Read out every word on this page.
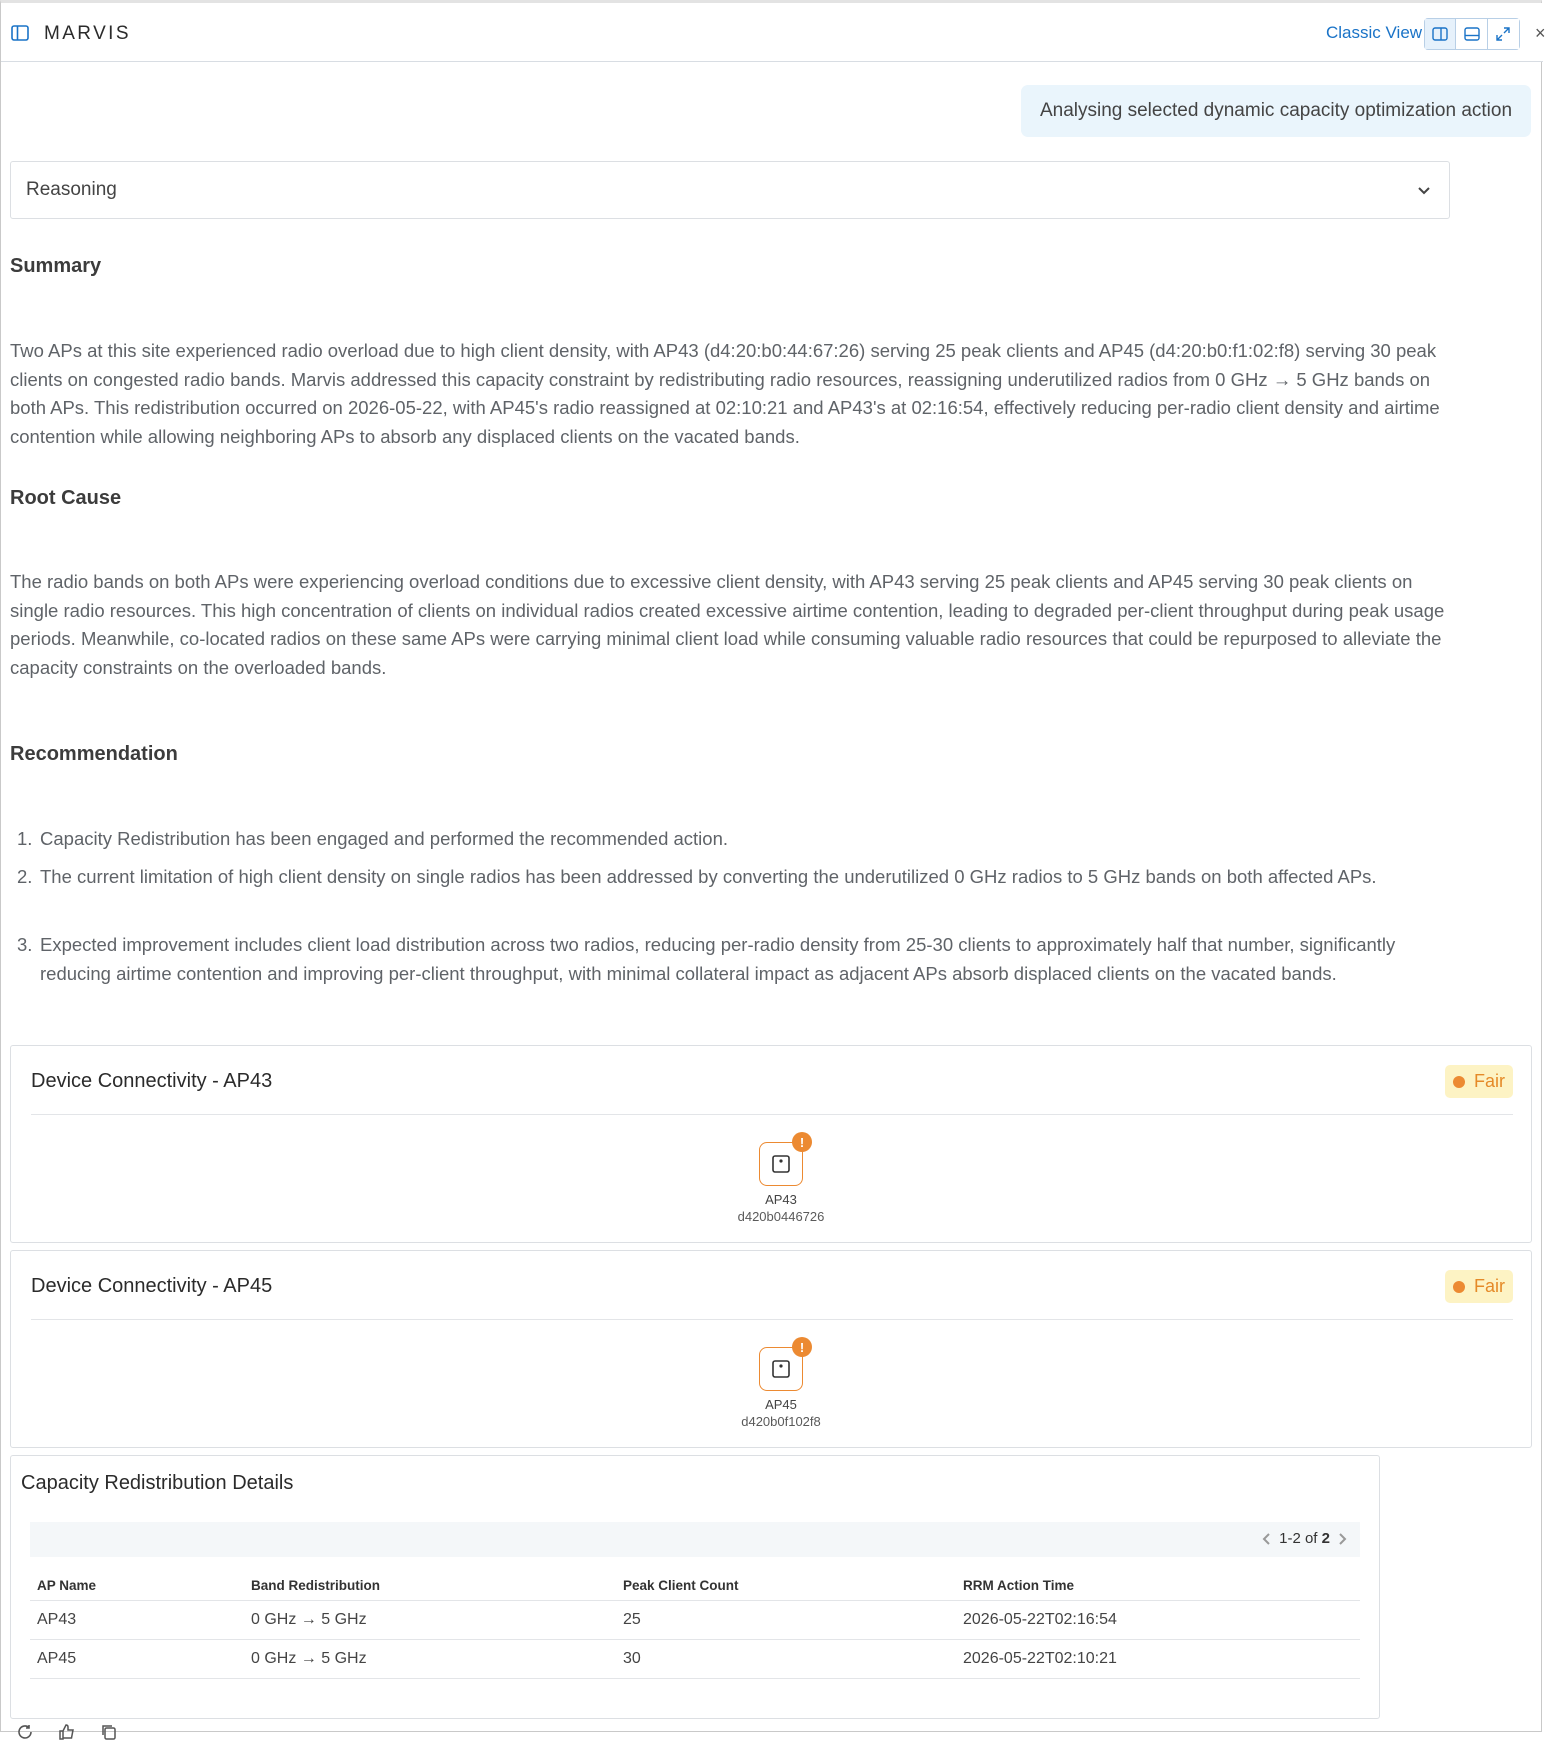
MARVIS	Classic View	×
Analysing selected dynamic capacity optimization action
Reasoning
Summary
Two APs at this site experienced radio overload due to high client density, with AP43 (d4:20:b0:44:67:26) serving 25 peak clients and AP45 (d4:20:b0:f1:02:f8) serving 30 peak clients on congested radio bands. Marvis addressed this capacity constraint by redistributing radio resources, reassigning underutilized radios from 0 GHz → 5 GHz bands on both APs. This redistribution occurred on 2026-05-22, with AP45's radio reassigned at 02:10:21 and AP43's at 02:16:54, effectively reducing per-radio client density and airtime contention while allowing neighboring APs to absorb any displaced clients on the vacated bands.
Root Cause
The radio bands on both APs were experiencing overload conditions due to excessive client density, with AP43 serving 25 peak clients and AP45 serving 30 peak clients on single radio resources. This high concentration of clients on individual radios created excessive airtime contention, leading to degraded per-client throughput during peak usage periods. Meanwhile, co-located radios on these same APs were carrying minimal client load while consuming valuable radio resources that could be repurposed to alleviate the capacity constraints on the overloaded bands.
Recommendation
1. Capacity Redistribution has been engaged and performed the recommended action.
2. The current limitation of high client density on single radios has been addressed by converting the underutilized 0 GHz radios to 5 GHz bands on both affected APs.
3. Expected improvement includes client load distribution across two radios, reducing per-radio density from 25-30 clients to approximately half that number, significantly reducing airtime contention and improving per-client throughput, with minimal collateral impact as adjacent APs absorb displaced clients on the vacated bands.
Device Connectivity - AP43	Fair
!
AP43
d420b0446726
Device Connectivity - AP45	Fair
!
AP45
d420b0f102f8
Capacity Redistribution Details
1-2 of 2
AP Name	Band Redistribution	Peak Client Count	RRM Action Time
AP43	0 GHz → 5 GHz	25	2026-05-22T02:16:54
AP45	0 GHz → 5 GHz	30	2026-05-22T02:10:21
